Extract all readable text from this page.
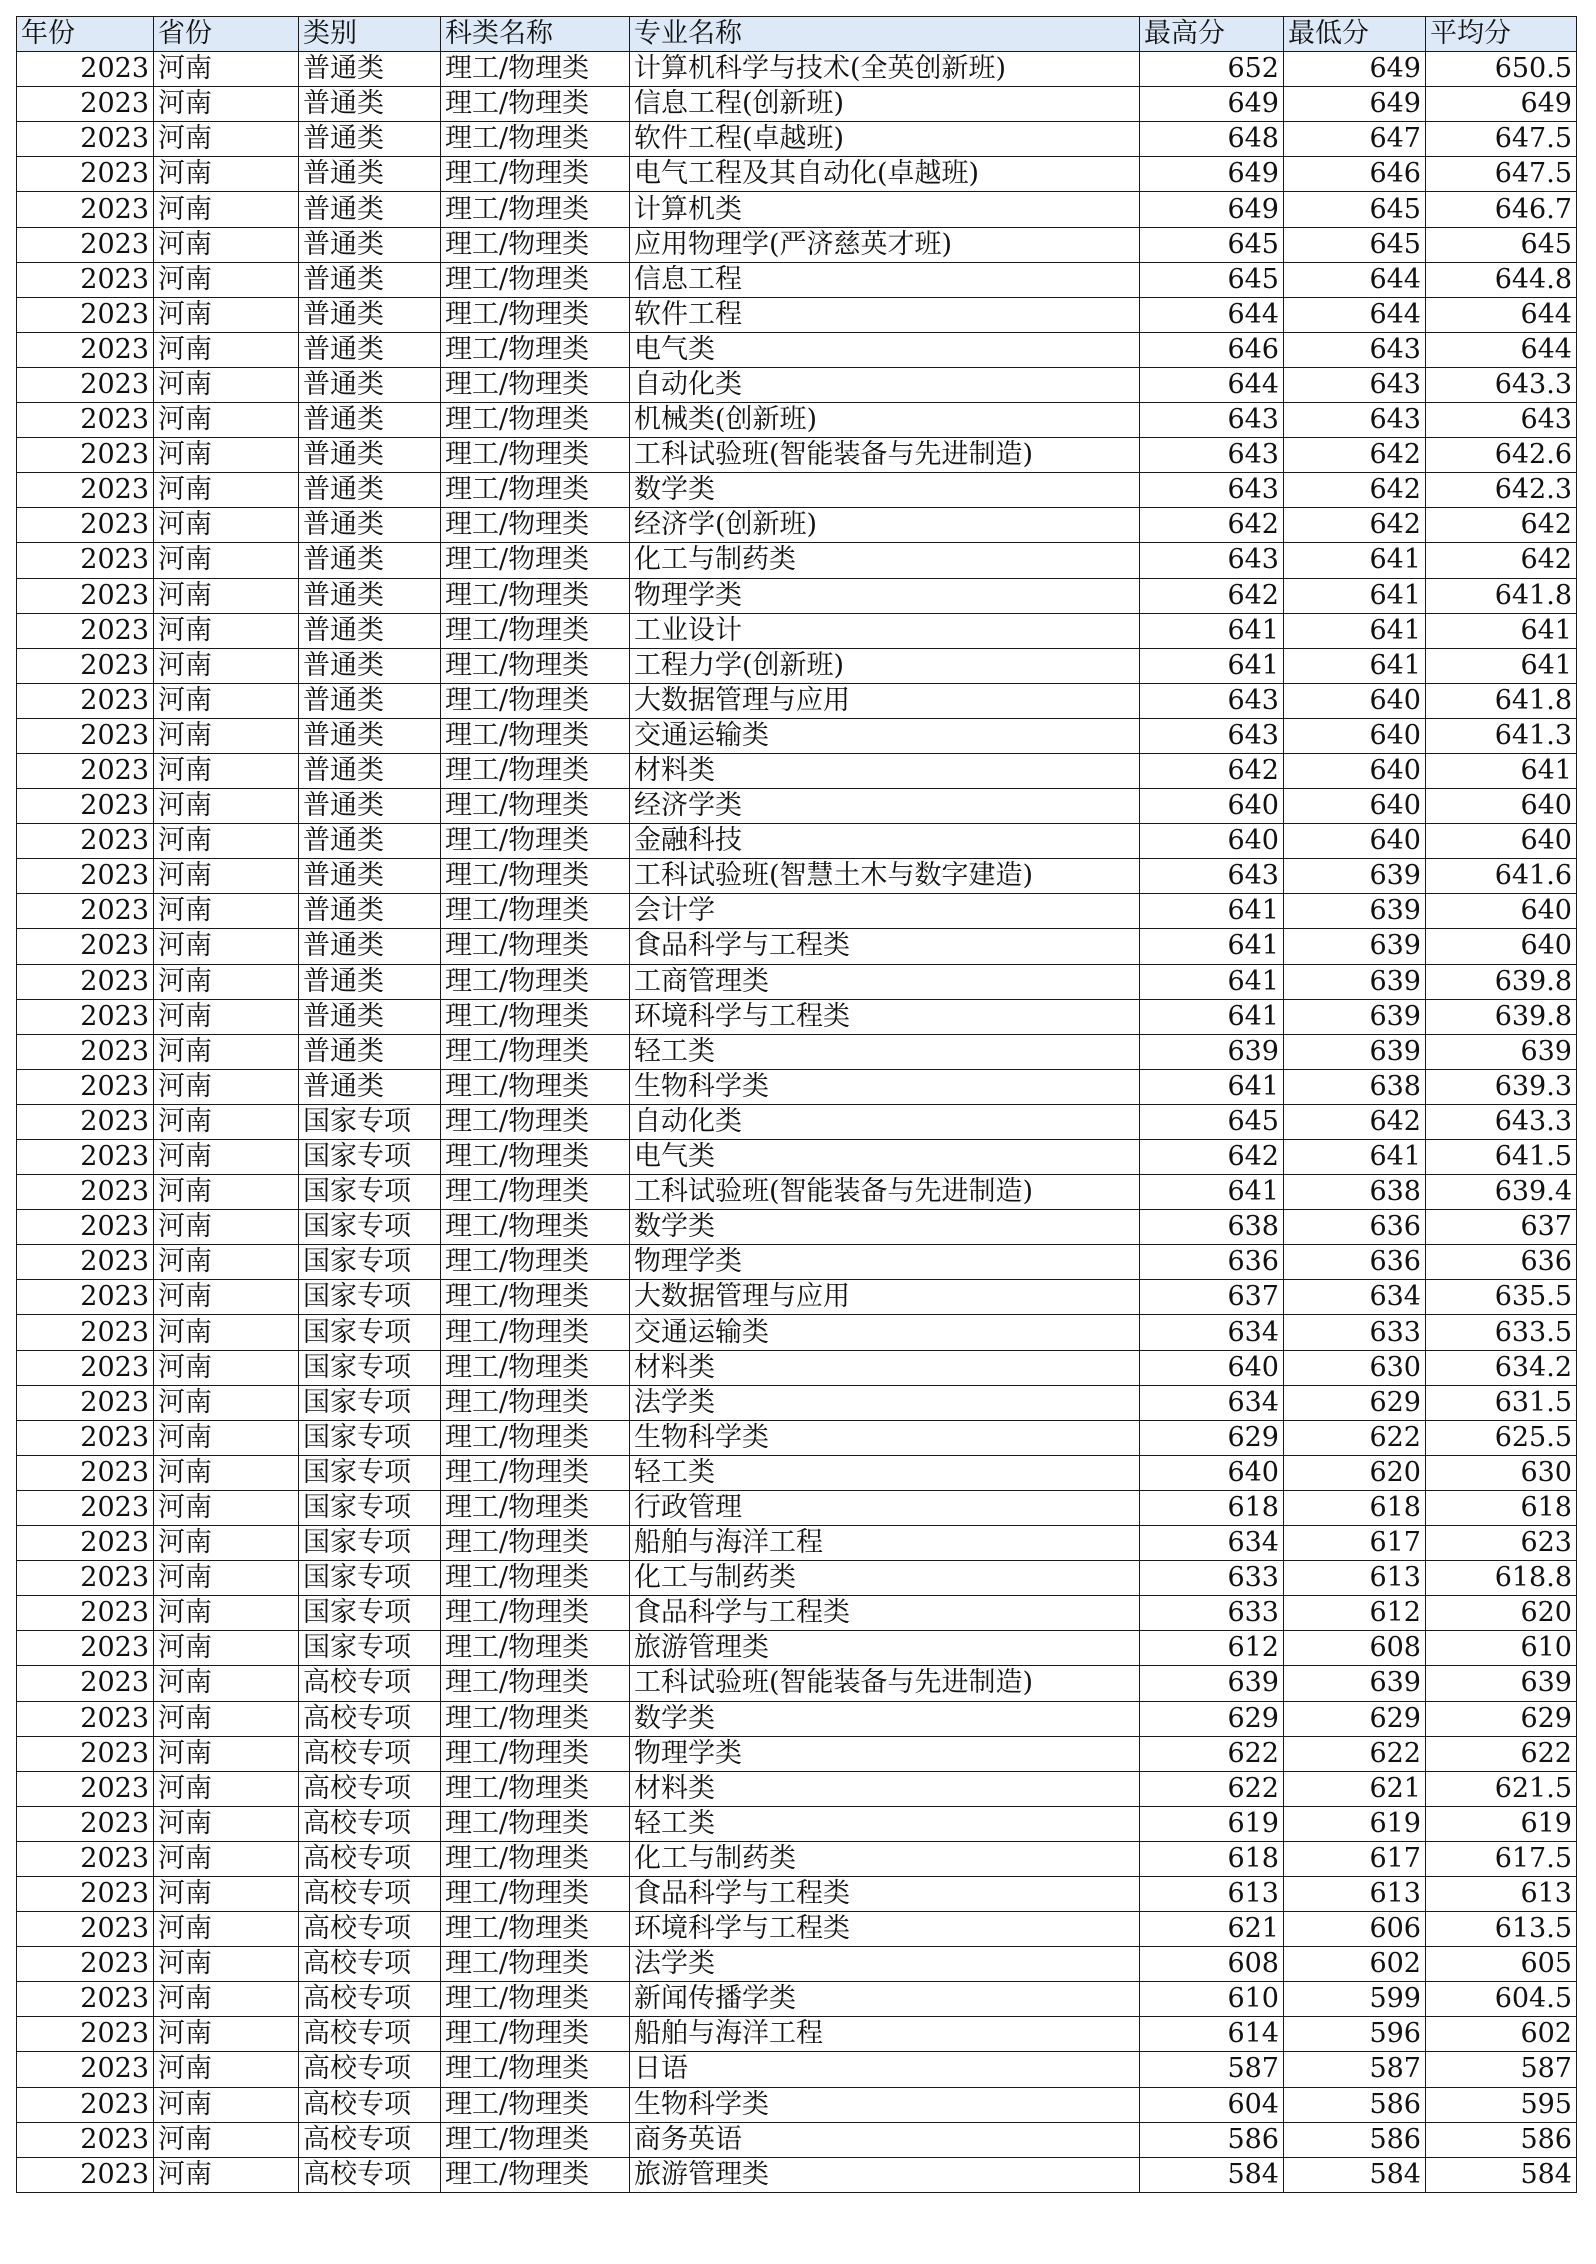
年份	省份	类别	科类名称	专业名称	最高分	最低分	平均分
2023	河南	普通类	理工/物理类	计算机科学与技术(全英创新班)	652	649	650.5
2023	河南	普通类	理工/物理类	信息工程(创新班)	649	649	649
2023	河南	普通类	理工/物理类	软件工程(卓越班)	648	647	647.5
2023	河南	普通类	理工/物理类	电气工程及其自动化(卓越班)	649	646	647.5
2023	河南	普通类	理工/物理类	计算机类	649	645	646.7
2023	河南	普通类	理工/物理类	应用物理学(严济慈英才班)	645	645	645
2023	河南	普通类	理工/物理类	信息工程	645	644	644.8
2023	河南	普通类	理工/物理类	软件工程	644	644	644
2023	河南	普通类	理工/物理类	电气类	646	643	644
2023	河南	普通类	理工/物理类	自动化类	644	643	643.3
2023	河南	普通类	理工/物理类	机械类(创新班)	643	643	643
2023	河南	普通类	理工/物理类	工科试验班(智能装备与先进制造)	643	642	642.6
2023	河南	普通类	理工/物理类	数学类	643	642	642.3
2023	河南	普通类	理工/物理类	经济学(创新班)	642	642	642
2023	河南	普通类	理工/物理类	化工与制药类	643	641	642
2023	河南	普通类	理工/物理类	物理学类	642	641	641.8
2023	河南	普通类	理工/物理类	工业设计	641	641	641
2023	河南	普通类	理工/物理类	工程力学(创新班)	641	641	641
2023	河南	普通类	理工/物理类	大数据管理与应用	643	640	641.8
2023	河南	普通类	理工/物理类	交通运输类	643	640	641.3
2023	河南	普通类	理工/物理类	材料类	642	640	641
2023	河南	普通类	理工/物理类	经济学类	640	640	640
2023	河南	普通类	理工/物理类	金融科技	640	640	640
2023	河南	普通类	理工/物理类	工科试验班(智慧土木与数字建造)	643	639	641.6
2023	河南	普通类	理工/物理类	会计学	641	639	640
2023	河南	普通类	理工/物理类	食品科学与工程类	641	639	640
2023	河南	普通类	理工/物理类	工商管理类	641	639	639.8
2023	河南	普通类	理工/物理类	环境科学与工程类	641	639	639.8
2023	河南	普通类	理工/物理类	轻工类	639	639	639
2023	河南	普通类	理工/物理类	生物科学类	641	638	639.3
2023	河南	国家专项	理工/物理类	自动化类	645	642	643.3
2023	河南	国家专项	理工/物理类	电气类	642	641	641.5
2023	河南	国家专项	理工/物理类	工科试验班(智能装备与先进制造)	641	638	639.4
2023	河南	国家专项	理工/物理类	数学类	638	636	637
2023	河南	国家专项	理工/物理类	物理学类	636	636	636
2023	河南	国家专项	理工/物理类	大数据管理与应用	637	634	635.5
2023	河南	国家专项	理工/物理类	交通运输类	634	633	633.5
2023	河南	国家专项	理工/物理类	材料类	640	630	634.2
2023	河南	国家专项	理工/物理类	法学类	634	629	631.5
2023	河南	国家专项	理工/物理类	生物科学类	629	622	625.5
2023	河南	国家专项	理工/物理类	轻工类	640	620	630
2023	河南	国家专项	理工/物理类	行政管理	618	618	618
2023	河南	国家专项	理工/物理类	船舶与海洋工程	634	617	623
2023	河南	国家专项	理工/物理类	化工与制药类	633	613	618.8
2023	河南	国家专项	理工/物理类	食品科学与工程类	633	612	620
2023	河南	国家专项	理工/物理类	旅游管理类	612	608	610
2023	河南	高校专项	理工/物理类	工科试验班(智能装备与先进制造)	639	639	639
2023	河南	高校专项	理工/物理类	数学类	629	629	629
2023	河南	高校专项	理工/物理类	物理学类	622	622	622
2023	河南	高校专项	理工/物理类	材料类	622	621	621.5
2023	河南	高校专项	理工/物理类	轻工类	619	619	619
2023	河南	高校专项	理工/物理类	化工与制药类	618	617	617.5
2023	河南	高校专项	理工/物理类	食品科学与工程类	613	613	613
2023	河南	高校专项	理工/物理类	环境科学与工程类	621	606	613.5
2023	河南	高校专项	理工/物理类	法学类	608	602	605
2023	河南	高校专项	理工/物理类	新闻传播学类	610	599	604.5
2023	河南	高校专项	理工/物理类	船舶与海洋工程	614	596	602
2023	河南	高校专项	理工/物理类	日语	587	587	587
2023	河南	高校专项	理工/物理类	生物科学类	604	586	595
2023	河南	高校专项	理工/物理类	商务英语	586	586	586
2023	河南	高校专项	理工/物理类	旅游管理类	584	584	584
